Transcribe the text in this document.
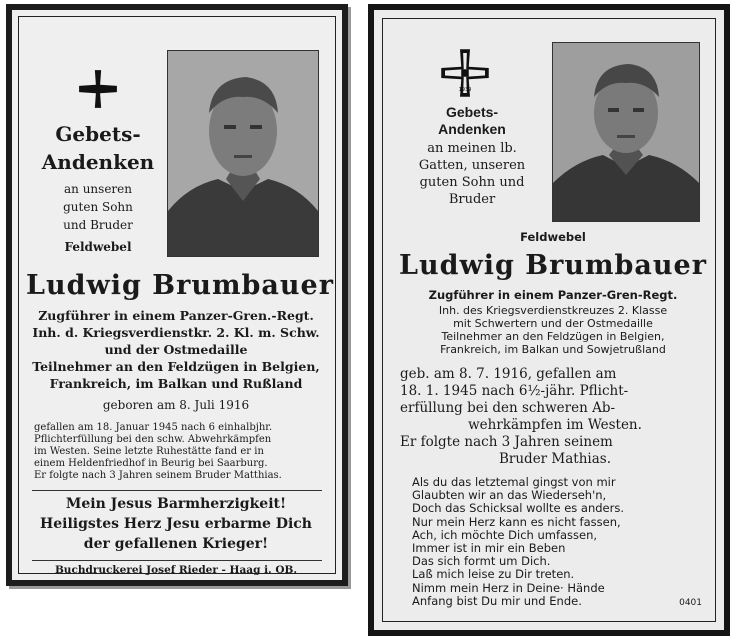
Gebets-
Andenken
an unseren
guten Sohn
und Bruder
Feldwebel
Ludwig Brumbauer
Zugführer in einem Panzer-Gren.-Regt.
Inh. d. Kriegsverdienstkr. 2. Kl. m. Schw.
und der Ostmedaille
Teilnehmer an den Feldzügen in Belgien,
Frankreich, im Balkan und Rußland
geboren am 8. Juli 1916
gefallen am 18. Januar 1945 nach 6 einhalbjhr.
Pflichterfüllung bei den schw. Abwehrkämpfen
im Westen. Seine letzte Ruhestätte fand er in
einem Heldenfriedhof in Beurig bei Saarburg.
Er folgte nach 3 Jahren seinem Bruder Matthias.
Mein Jesus Barmherzigkeit!
Heiligstes Herz Jesu erbarme Dich
der gefallenen Krieger!
Buchdruckerei Josef Rieder - Haag i. OB.
1939
Gebets-
Andenken
an meinen lb.
Gatten, unseren
guten Sohn und
Bruder
Feldwebel
Ludwig Brumbauer
Zugführer in einem Panzer-Gren-Regt.
Inh. des Kriegsverdienstkreuzes 2. Klasse
mit Schwertern und der Ostmedaille
Teilnehmer an den Feldzügen in Belgien,
Frankreich, im Balkan und Sowjetrußland
geb. am 8. 7. 1916, gefallen am
18. 1. 1945 nach 6½-jähr. Pflicht-
erfüllung bei den schweren Ab-
wehrkämpfen im Westen.
Er folgte nach 3 Jahren seinem
Bruder Mathias.
Als du das letztemal gingst von mir
Glaubten wir an das Wiederseh'n,
Doch das Schicksal wollte es anders.
Nur mein Herz kann es nicht fassen,
Ach, ich möchte Dich umfassen,
Immer ist in mir ein Beben
Das sich formt um Dich.
Laß mich leise zu Dir treten.
Nimm mein Herz in Deine· Hände
Anfang bist Du mir und Ende.	0401
